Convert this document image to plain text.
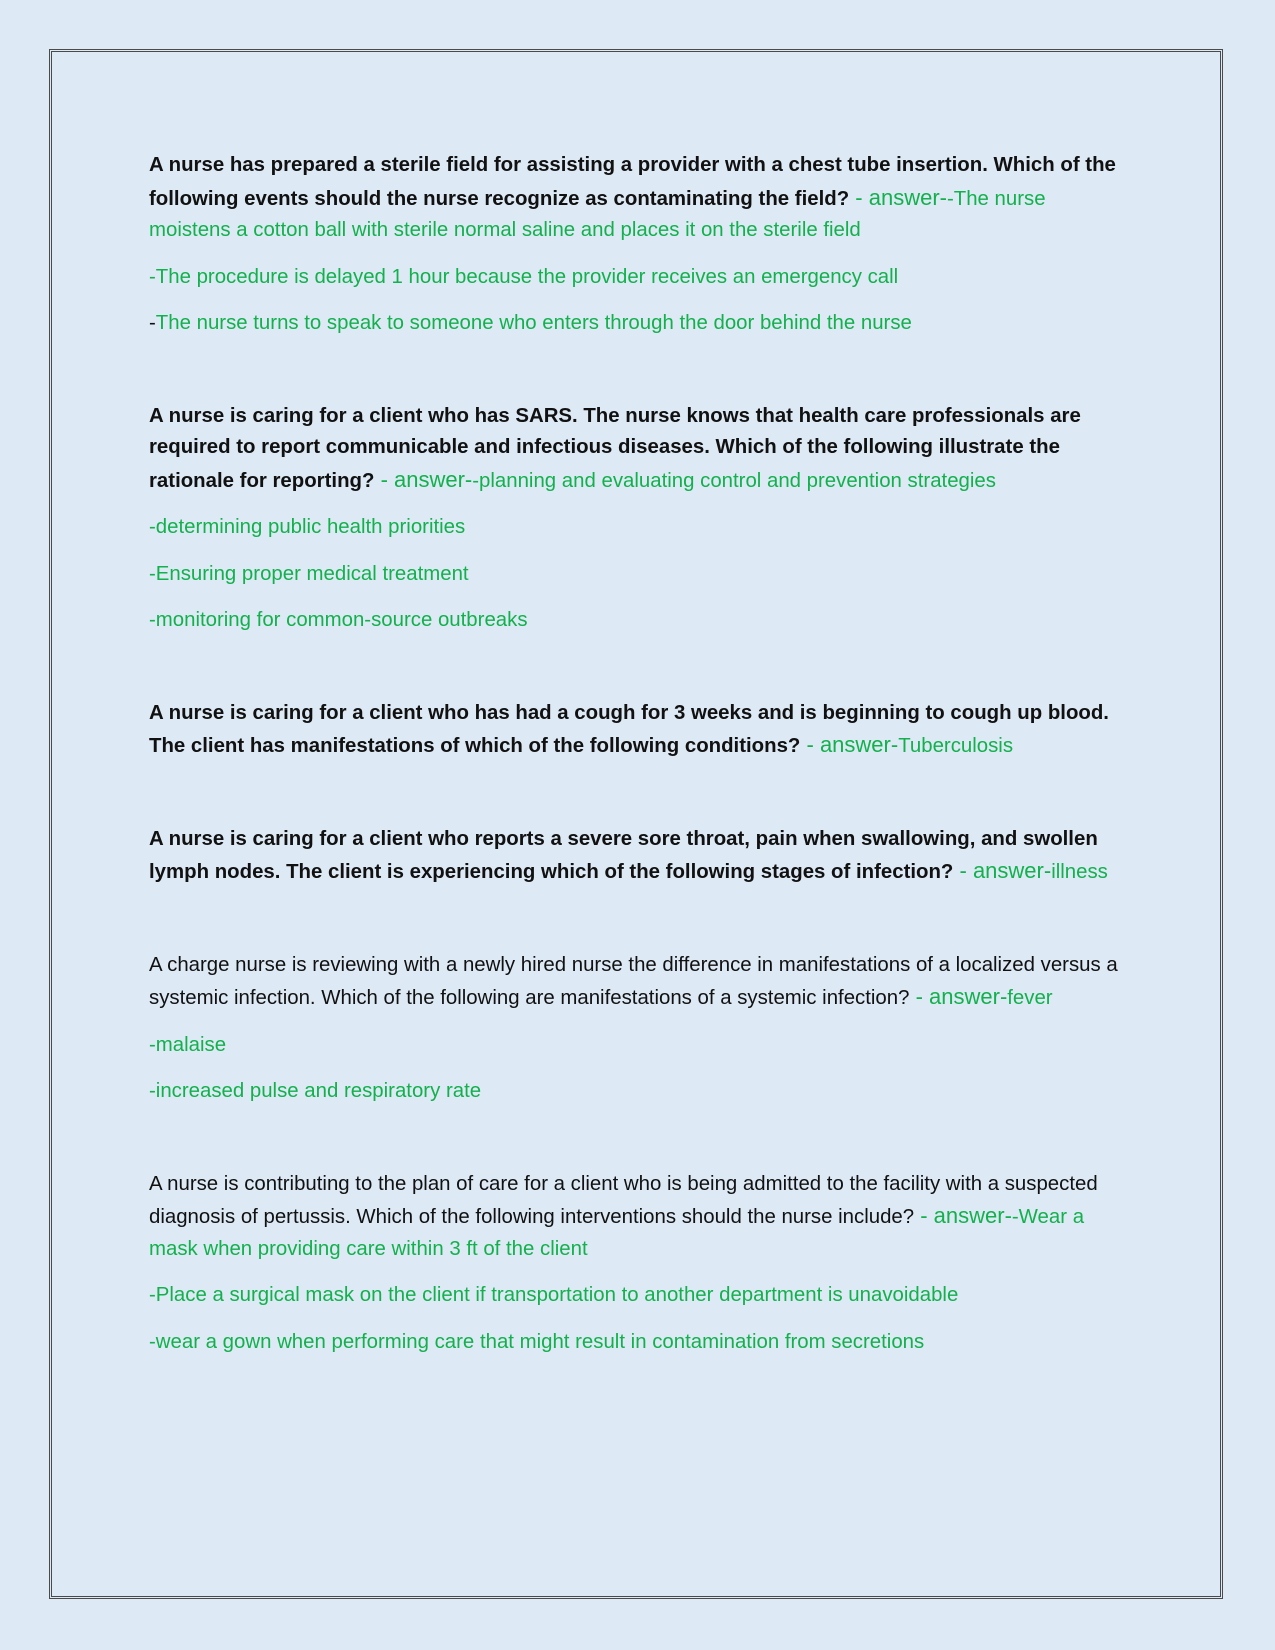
A nurse has prepared a sterile field for assisting a provider with a chest tube insertion. Which of the following events should the nurse recognize as contaminating the field? - answer--The nurse moistens a cotton ball with sterile normal saline and places it on the sterile field

-The procedure is delayed 1 hour because the provider receives an emergency call

-The nurse turns to speak to someone who enters through the door behind the nurse

A nurse is caring for a client who has SARS. The nurse knows that health care professionals are required to report communicable and infectious diseases. Which of the following illustrate the rationale for reporting? - answer--planning and evaluating control and prevention strategies

-determining public health priorities

-Ensuring proper medical treatment

-monitoring for common-source outbreaks

A nurse is caring for a client who has had a cough for 3 weeks and is beginning to cough up blood. The client has manifestations of which of the following conditions? - answer-Tuberculosis

A nurse is caring for a client who reports a severe sore throat, pain when swallowing, and swollen lymph nodes. The client is experiencing which of the following stages of infection? - answer-illness

A charge nurse is reviewing with a newly hired nurse the difference in manifestations of a localized versus a systemic infection. Which of the following are manifestations of a systemic infection? - answer-fever

-malaise

-increased pulse and respiratory rate

A nurse is contributing to the plan of care for a client who is being admitted to the facility with a suspected diagnosis of pertussis. Which of the following interventions should the nurse include? - answer--Wear a mask when providing care within 3 ft of the client

-Place a surgical mask on the client if transportation to another department is unavoidable

-wear a gown when performing care that might result in contamination from secretions
